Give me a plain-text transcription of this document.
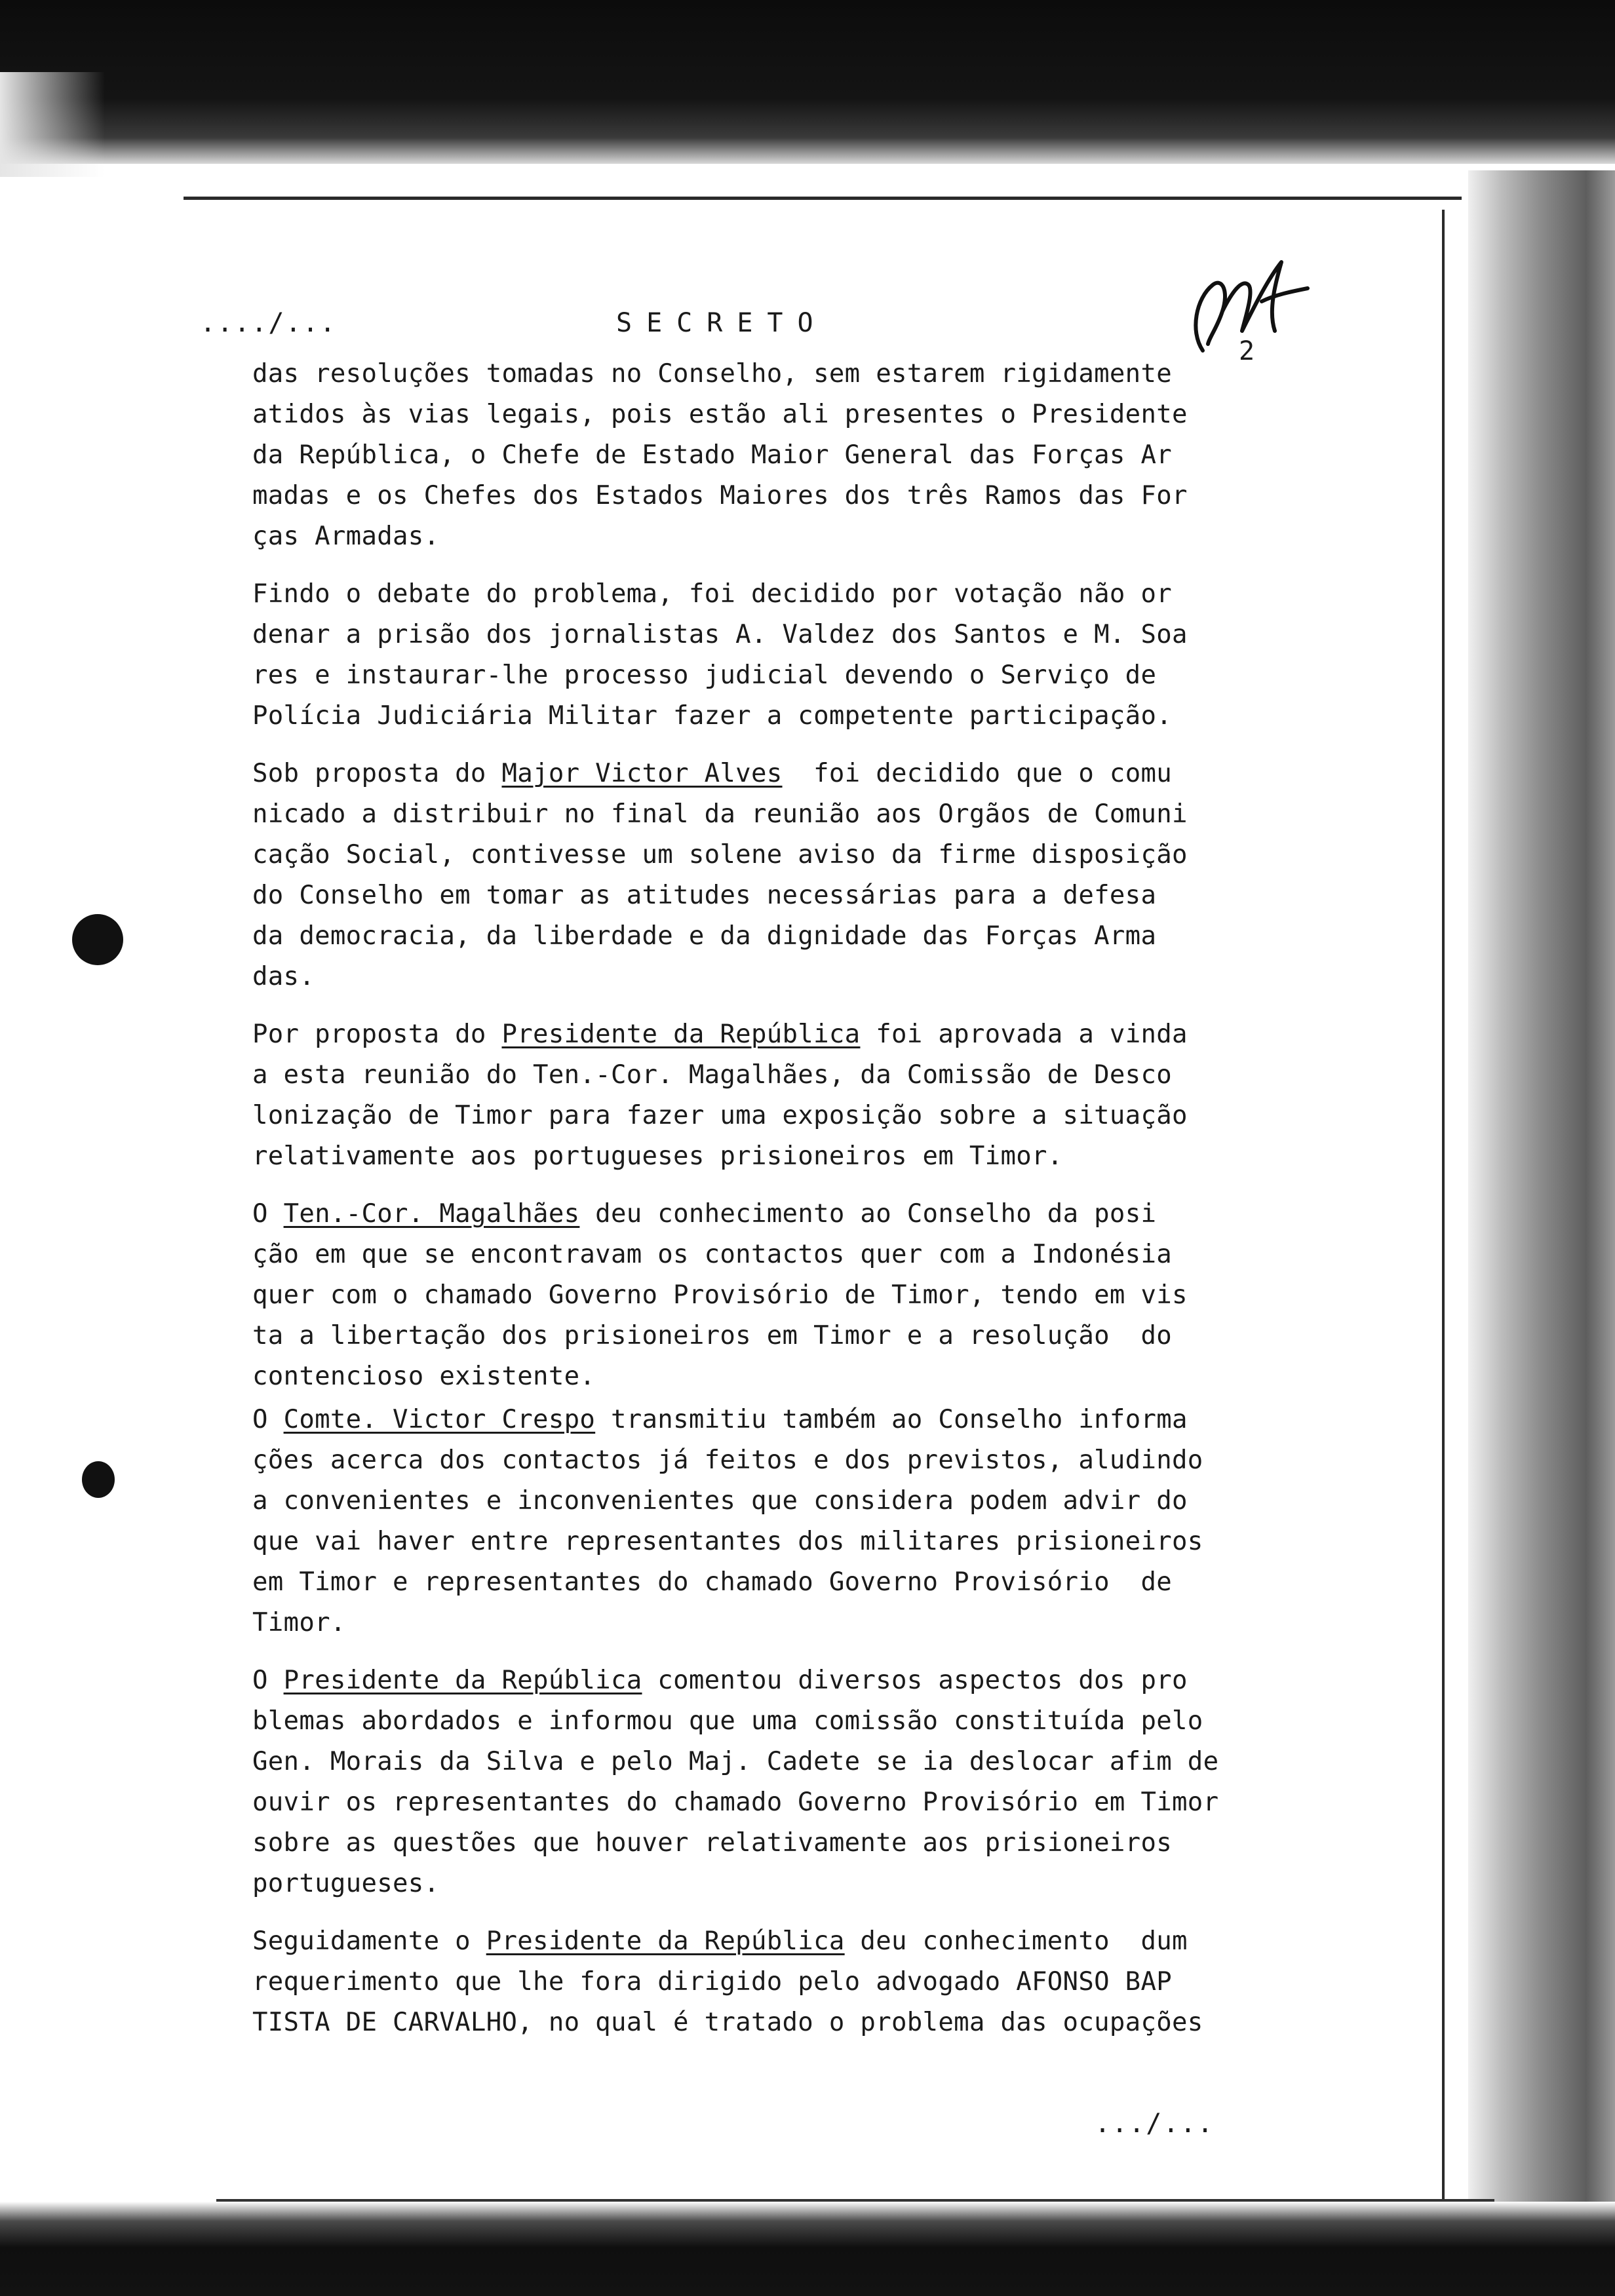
..../...	SECRETO
2
das resoluções tomadas no Conselho, sem estarem rigidamente
atidos às vias legais, pois estão ali presentes o Presidente
da República, o Chefe de Estado Maior General das Forças Ar
madas e os Chefes dos Estados Maiores dos três Ramos das For
ças Armadas.
Findo o debate do problema, foi decidido por votação não or
denar a prisão dos jornalistas A. Valdez dos Santos e M. Soa
res e instaurar-lhe processo judicial devendo o Serviço de
Polícia Judiciária Militar fazer a competente participação.
Sob proposta do Major Victor Alves  foi decidido que o comu
nicado a distribuir no final da reunião aos Orgãos de Comuni
cação Social, contivesse um solene aviso da firme disposição
do Conselho em tomar as atitudes necessárias para a defesa
da democracia, da liberdade e da dignidade das Forças Arma
das.
Por proposta do Presidente da República foi aprovada a vinda
a esta reunião do Ten.-Cor. Magalhães, da Comissão de Desco
lonização de Timor para fazer uma exposição sobre a situação
relativamente aos portugueses prisioneiros em Timor.
O Ten.-Cor. Magalhães deu conhecimento ao Conselho da posi
ção em que se encontravam os contactos quer com a Indonésia
quer com o chamado Governo Provisório de Timor, tendo em vis
ta a libertação dos prisioneiros em Timor e a resolução  do
contencioso existente.
O Comte. Victor Crespo transmitiu também ao Conselho informa
ções acerca dos contactos já feitos e dos previstos, aludindo
a convenientes e inconvenientes que considera podem advir do
que vai haver entre representantes dos militares prisioneiros
em Timor e representantes do chamado Governo Provisório  de
Timor.
O Presidente da República comentou diversos aspectos dos pro
blemas abordados e informou que uma comissão constituída pelo
Gen. Morais da Silva e pelo Maj. Cadete se ia deslocar afim de
ouvir os representantes do chamado Governo Provisório em Timor
sobre as questões que houver relativamente aos prisioneiros
portugueses.
Seguidamente o Presidente da República deu conhecimento  dum
requerimento que lhe fora dirigido pelo advogado AFONSO BAP
TISTA DE CARVALHO, no qual é tratado o problema das ocupações
.../...
